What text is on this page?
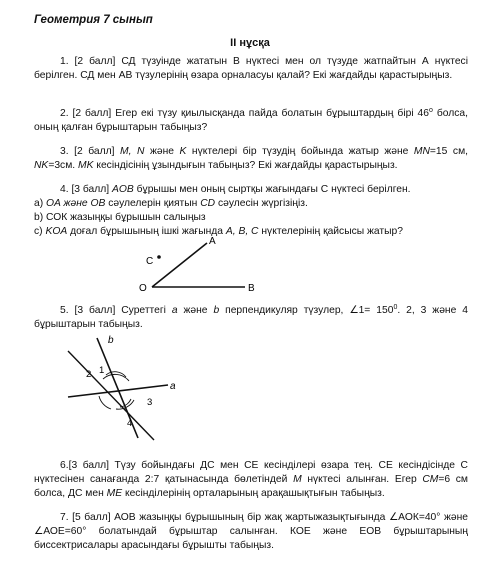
Геометрия 7 сынып
II нұсқа
1. [2 балл] СД түзуінде жататын В нүктесі мен ол түзуде жатпайтын А нүктесі берілген. СД мен АВ түзулерінің өзара орналасуы қалай? Екі жағдайды қарастырыңыз.
2. [2 балл] Егер екі түзу қиылысқанда пайда болатын бұрыштардың бірі $46^о$ болса, оның қалған бұрыштарын табыңыз?
3. [2 балл] M, N және K нүктелері бір түзудің бойында жатыр және MN=15 см, NK=3см. MK кесіндісінің ұзындығын табыңыз? Екі жағдайды қарастырыңыз.
4. [3 балл] AOB бұрышы мен оның сыртқы жағындағы С нүктесі берілген.
a) OA және OB сәулелерін қиятын CD сәулесін жүргізіңіз.
b) СОК жазыңқы бұрышын салыңыз
c) KOA доғал бұрышының ішкі жағында A, B, C нүктелерінің қайсысы жатыр?
A
C
O	B
5. [3 балл] Суреттегі a және b перпендикуляр түзулер, ∠1= $150^0$. 2, 3 және 4 бұрыштарын табыңыз.
b
a
1
2
3
4
6.[3 балл] Түзу бойындағы ДС мен СЕ кесінділері өзара тең. СЕ кесіндісінде С нүктесінен санағанда 2:7 қатынасында бөлетіндей М нүктесі алынған. Егер СМ=6 см болса, ДС мен МЕ кесінділерінің орталарының арақашықтығын табыңыз.
7. [5 балл] АОВ жазыңқы бұрышының бір жақ жартыжазықтығында ∠АОК=40° және ∠АОЕ=60° болатындай бұрыштар салынған. КОЕ және ЕОВ бұрыштарының биссектрисалары арасындағы бұрышты табыңыз.
